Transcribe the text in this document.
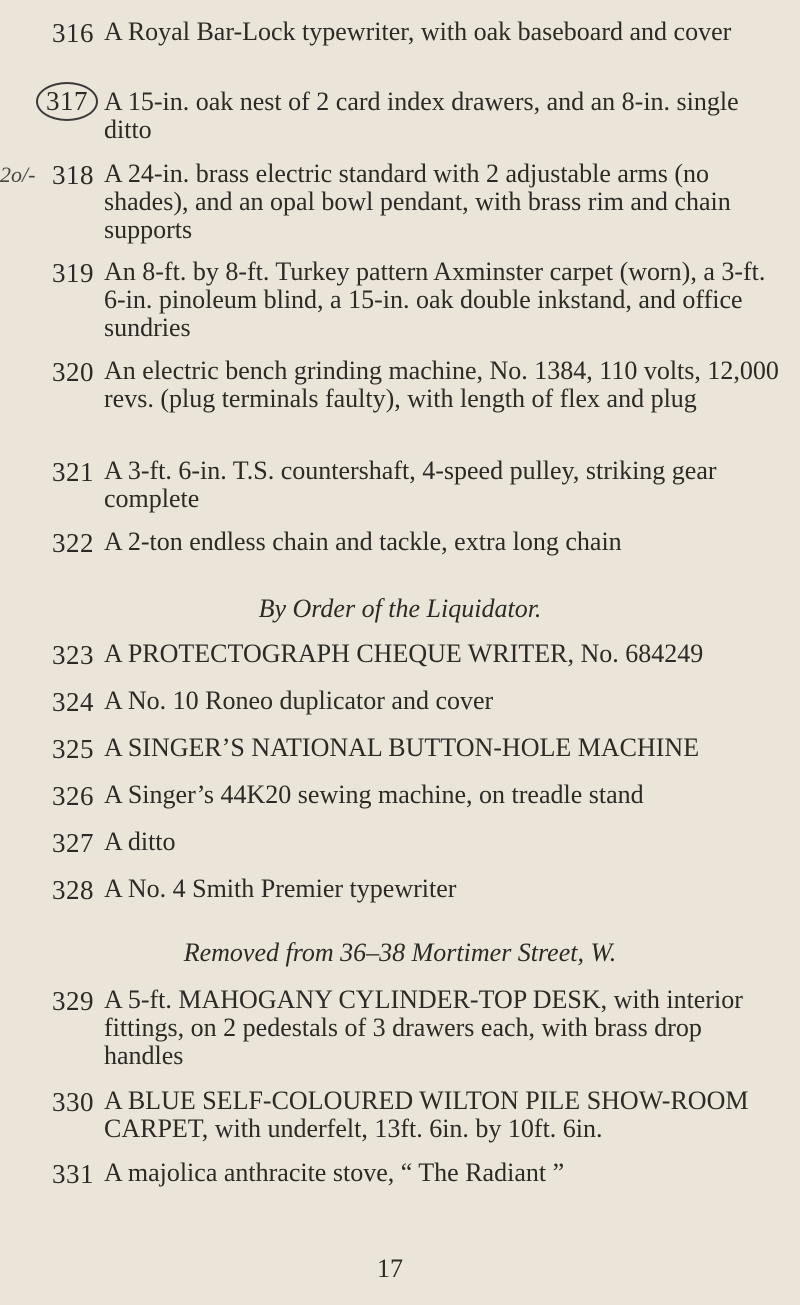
2o/-
316 A Royal Bar-Lock typewriter, with oak baseboard and cover
317 A 15-in. oak nest of 2 card index drawers, and an 8-in. single ditto
318 A 24-in. brass electric standard with 2 adjustable arms (no shades), and an opal bowl pendant, with brass rim and chain supports
319 An 8-ft. by 8-ft. Turkey pattern Axminster carpet (worn), a 3-ft. 6-in. pinoleum blind, a 15-in. oak double inkstand, and office sundries
320 An electric bench grinding machine, No. 1384, 110 volts, 12,000 revs. (plug terminals faulty), with length of flex and plug
321 A 3-ft. 6-in. T.S. countershaft, 4-speed pulley, striking gear complete
322 A 2-ton endless chain and tackle, extra long chain
By Order of the Liquidator.
323 A PROTECTOGRAPH CHEQUE WRITER, No. 684249
324 A No. 10 Roneo duplicator and cover
325 A SINGER’S NATIONAL BUTTON-HOLE MACHINE
326 A Singer’s 44K20 sewing machine, on treadle stand
327 A ditto
328 A No. 4 Smith Premier typewriter
Removed from 36–38 Mortimer Street, W.
329 A 5-ft. MAHOGANY CYLINDER-TOP DESK, with interior fittings, on 2 pedestals of 3 drawers each, with brass drop handles
330 A BLUE SELF-COLOURED WILTON PILE SHOW-ROOM CARPET, with underfelt, 13ft. 6in. by 10ft. 6in.
331 A majolica anthracite stove, “ The Radiant ”
17
